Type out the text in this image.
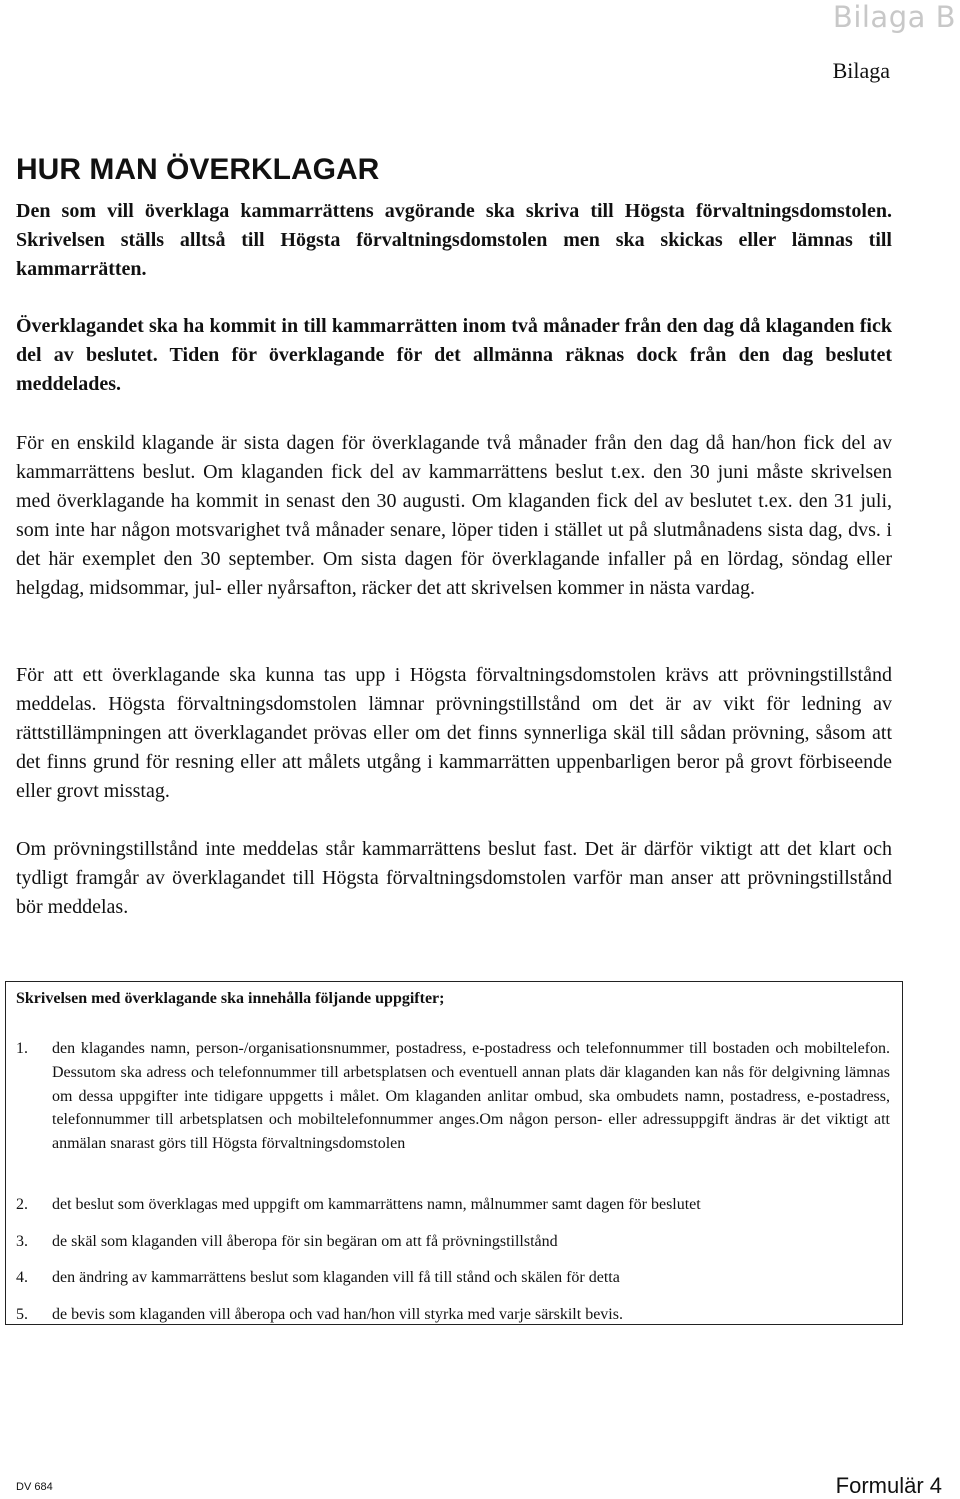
Bilaga B
Bilaga
HUR MAN ÖVERKLAGAR

Den som vill överklaga kammarrättens avgörande ska skriva till Högsta förvaltningsdomstolen. Skrivelsen ställs alltså till Högsta förvaltningsdomstolen men ska skickas eller lämnas till kammarrätten.

Överklagandet ska ha kommit in till kammarrätten inom två månader från den dag då klaganden fick del av beslutet. Tiden för överklagande för det allmänna räknas dock från den dag beslutet meddelades.

För en enskild klagande är sista dagen för överklagande två månader från den dag då han/hon fick del av kammarrättens beslut. Om klaganden fick del av kammarrättens beslut t.ex. den 30 juni måste skrivelsen med överklagande ha kommit in senast den 30 augusti. Om klaganden fick del av beslutet t.ex. den 31 juli, som inte har någon motsvarighet två månader senare, löper tiden i stället ut på slutmånadens sista dag, dvs. i det här exemplet den 30 september. Om sista dagen för överklagande infaller på en lördag, söndag eller helgdag, midsommar, jul- eller nyårsafton, räcker det att skrivelsen kommer in nästa vardag.

För att ett överklagande ska kunna tas upp i Högsta förvaltningsdomstolen krävs att prövningstillstånd meddelas. Högsta förvaltningsdomstolen lämnar prövningstillstånd om det är av vikt för ledning av rättstillämpningen att överklagandet prövas eller om det finns synnerliga skäl till sådan prövning, såsom att det finns grund för resning eller att målets utgång i kammarrätten uppenbarligen beror på grovt förbiseende eller grovt misstag.

Om prövningstillstånd inte meddelas står kammarrättens beslut fast. Det är därför viktigt att det klart och tydligt framgår av överklagandet till Högsta förvaltningsdomstolen varför man anser att prövningstillstånd bör meddelas.

Skrivelsen med överklagande ska innehålla följande uppgifter;

1. den klagandes namn, person-/organisationsnummer, postadress, e-postadress och telefonnummer till bostaden och mobiltelefon. Dessutom ska adress och telefonnummer till arbetsplatsen och eventuell annan plats där klaganden kan nås för delgivning lämnas om dessa uppgifter inte tidigare uppgetts i målet. Om klaganden anlitar ombud, ska ombudets namn, postadress, e-postadress, telefonnummer till arbetsplatsen och mobiltelefonnummer anges.Om någon person- eller adressuppgift ändras är det viktigt att anmälan snarast görs till Högsta förvaltningsdomstolen
2. det beslut som överklagas med uppgift om kammarrättens namn, målnummer samt dagen för beslutet
3. de skäl som klaganden vill åberopa för sin begäran om att få prövningstillstånd
4. den ändring av kammarrättens beslut som klaganden vill få till stånd och skälen för detta
5. de bevis som klaganden vill åberopa och vad han/hon vill styrka med varje särskilt bevis.
DV 684	Formulär 4
